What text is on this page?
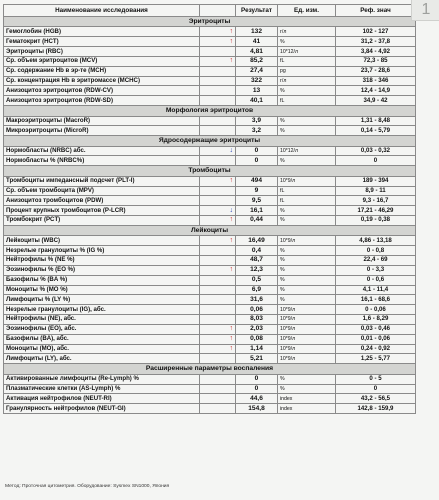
Наименование исследования		Результат	Ед. изм.	Реф. знач
Эритроциты				
Гемоглобин (HGB)	↑	132	г/л	102 - 127
Гематокрит (HCT)	↑	41	%	31,2 - 37,8
Эритроциты (RBC)		4,81	10*12/л	3,84 - 4,92
Ср. объем эритроцитов (MCV)	↑	85,2	fL	72,3 - 85
Ср. содержание Hb в эр-те (MCH)		27,4	pg	23,7 - 28,6
Ср. концентрация Hb в эритромассе (MCHC)		322	г/л	318 - 346
Анизоцитоз эритроцитов (RDW-CV)		13	%	12,4 - 14,9
Анизоцитоз эритроцитов (RDW-SD)		40,1	fL	34,9 - 42
Морфология эритроцитов				
Макроэритроциты (MacroR)		3,9	%	1,31 - 8,48
Микроэритроциты (MicroR)		3,2	%	0,14 - 5,79
Ядросодержащие эритроциты				
Нормобласты (NRBC) абс.	↓	0	10*12/л	0,03 - 0,32
Нормобласты % (NRBC%)		0	%	0
Тромбоциты				
Тромбоциты импедансный подсчет (PLT-I)	↑	494	10*9/л	189 - 394
Ср. объем тромбоцита (MPV)		9	fL	8,9 - 11
Анизоцитоз тромбоцитов (PDW)		9,5	fL	9,3 - 16,7
Процент крупных тромбоцитов (P-LCR)	↓	16,1	%	17,21 - 46,29
Тромбокрит (PCT)	↑	0,44	%	0,19 - 0,38
Лейкоциты				
Лейкоциты (WBC)	↑	16,49	10*9/л	4,86 - 13,18
Незрелые гранулоциты % (IG %)		0,4	%	0 - 0,8
Нейтрофилы % (NE %)		48,7	%	22,4 - 69
Эозинофилы % (EO %)	↑	12,3	%	0 - 3,3
Базофилы % (BA %)		0,5	%	0 - 0,6
Моноциты % (MO %)		6,9	%	4,1 - 11,4
Лимфоциты % (LY %)		31,6	%	16,1 - 68,6
Незрелые гранулоциты (IG), абс.		0,06	10*9/л	0 - 0,06
Нейтрофилы (NE), абс.		8,03	10*9/л	1,6 - 8,29
Эозинофилы (EO), абс.	↑	2,03	10*9/л	0,03 - 0,46
Базофилы (BA), абс.	↑	0,08	10*9/л	0,01 - 0,06
Моноциты (MO), абс.	↑	1,14	10*9/л	0,24 - 0,92
Лимфоциты (LY), абс.		5,21	10*9/л	1,25 - 5,77
Расширенные параметры воспаления				
Активированные лимфоциты (Re-Lymph) %		0	%	0 - 5
Плазматические клетки (AS-Lymph) %		0	%	0
Активация нейтрофилов (NEUT-RI)		44,6	index	43,2 - 56,5
Гранулярность нейтрофилов (NEUT-GI)		154,8	index	142,8 - 159,9
1
Метод: Проточная цитометрия. Оборудование: Sysmex SN1000, Япония
